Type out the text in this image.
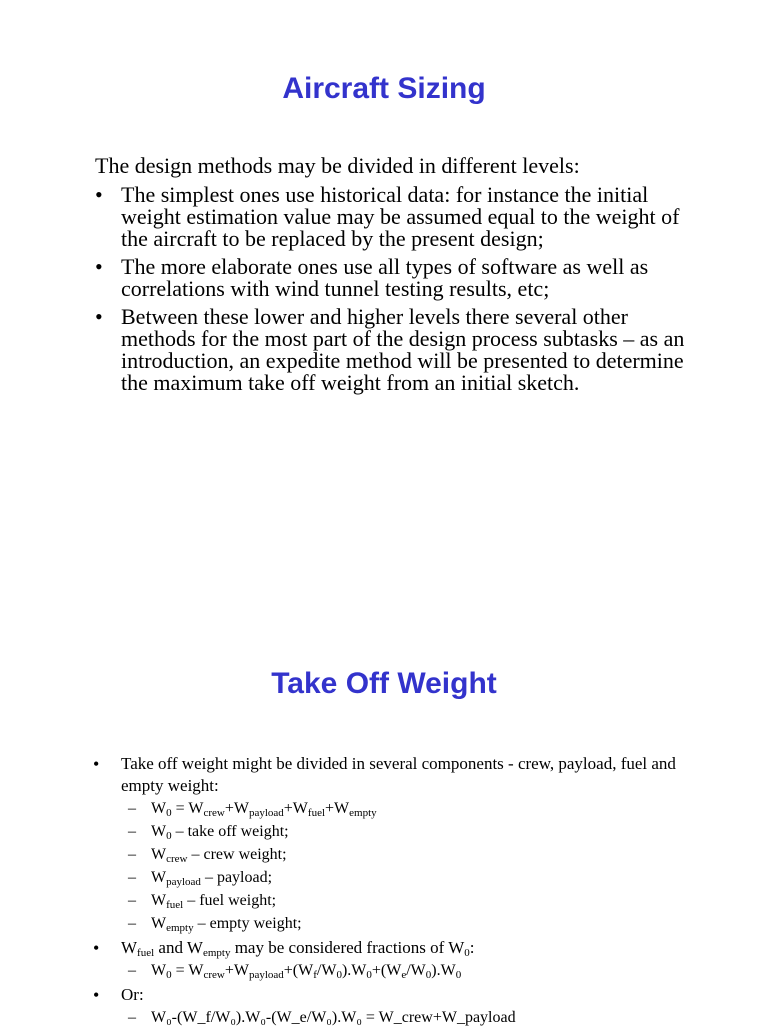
Aircraft Sizing

The design methods may be divided in different levels:

• The simplest ones use historical data: for instance the initial weight estimation value may be assumed equal to the weight of the aircraft to be replaced by the present design;
• The more elaborate ones use all types of software as well as correlations with wind tunnel testing results, etc;
• Between these lower and higher levels there several other methods for the most part of the design process subtasks – as an introduction, an expedite method will be presented to determine the maximum take off weight from an initial sketch.
Take Off Weight

• Take off weight might be divided in several components - crew, payload, fuel and empty weight:

– $W_0 = W_{crew}+W_{payload}+W_{fuel}+W_{empty}$
– $W_0$ – take off weight;
– $W_{crew}$ – crew weight;
– $W_{payload}$ – payload;
– $W_{fuel}$ – fuel weight;
– $W_{empty}$ – empty weight;

• $W_{fuel}$ and $W_{empty}$ may be considered fractions of $W_0$:

– $W_0 = W_{crew}+W_{payload}+(W_f/W_0).W_0+(W_e/W_0).W_0$

• Or:

– W₀-(W_f/W₀).W₀-(W_e/W₀).W₀ = W_crew+W_payload
